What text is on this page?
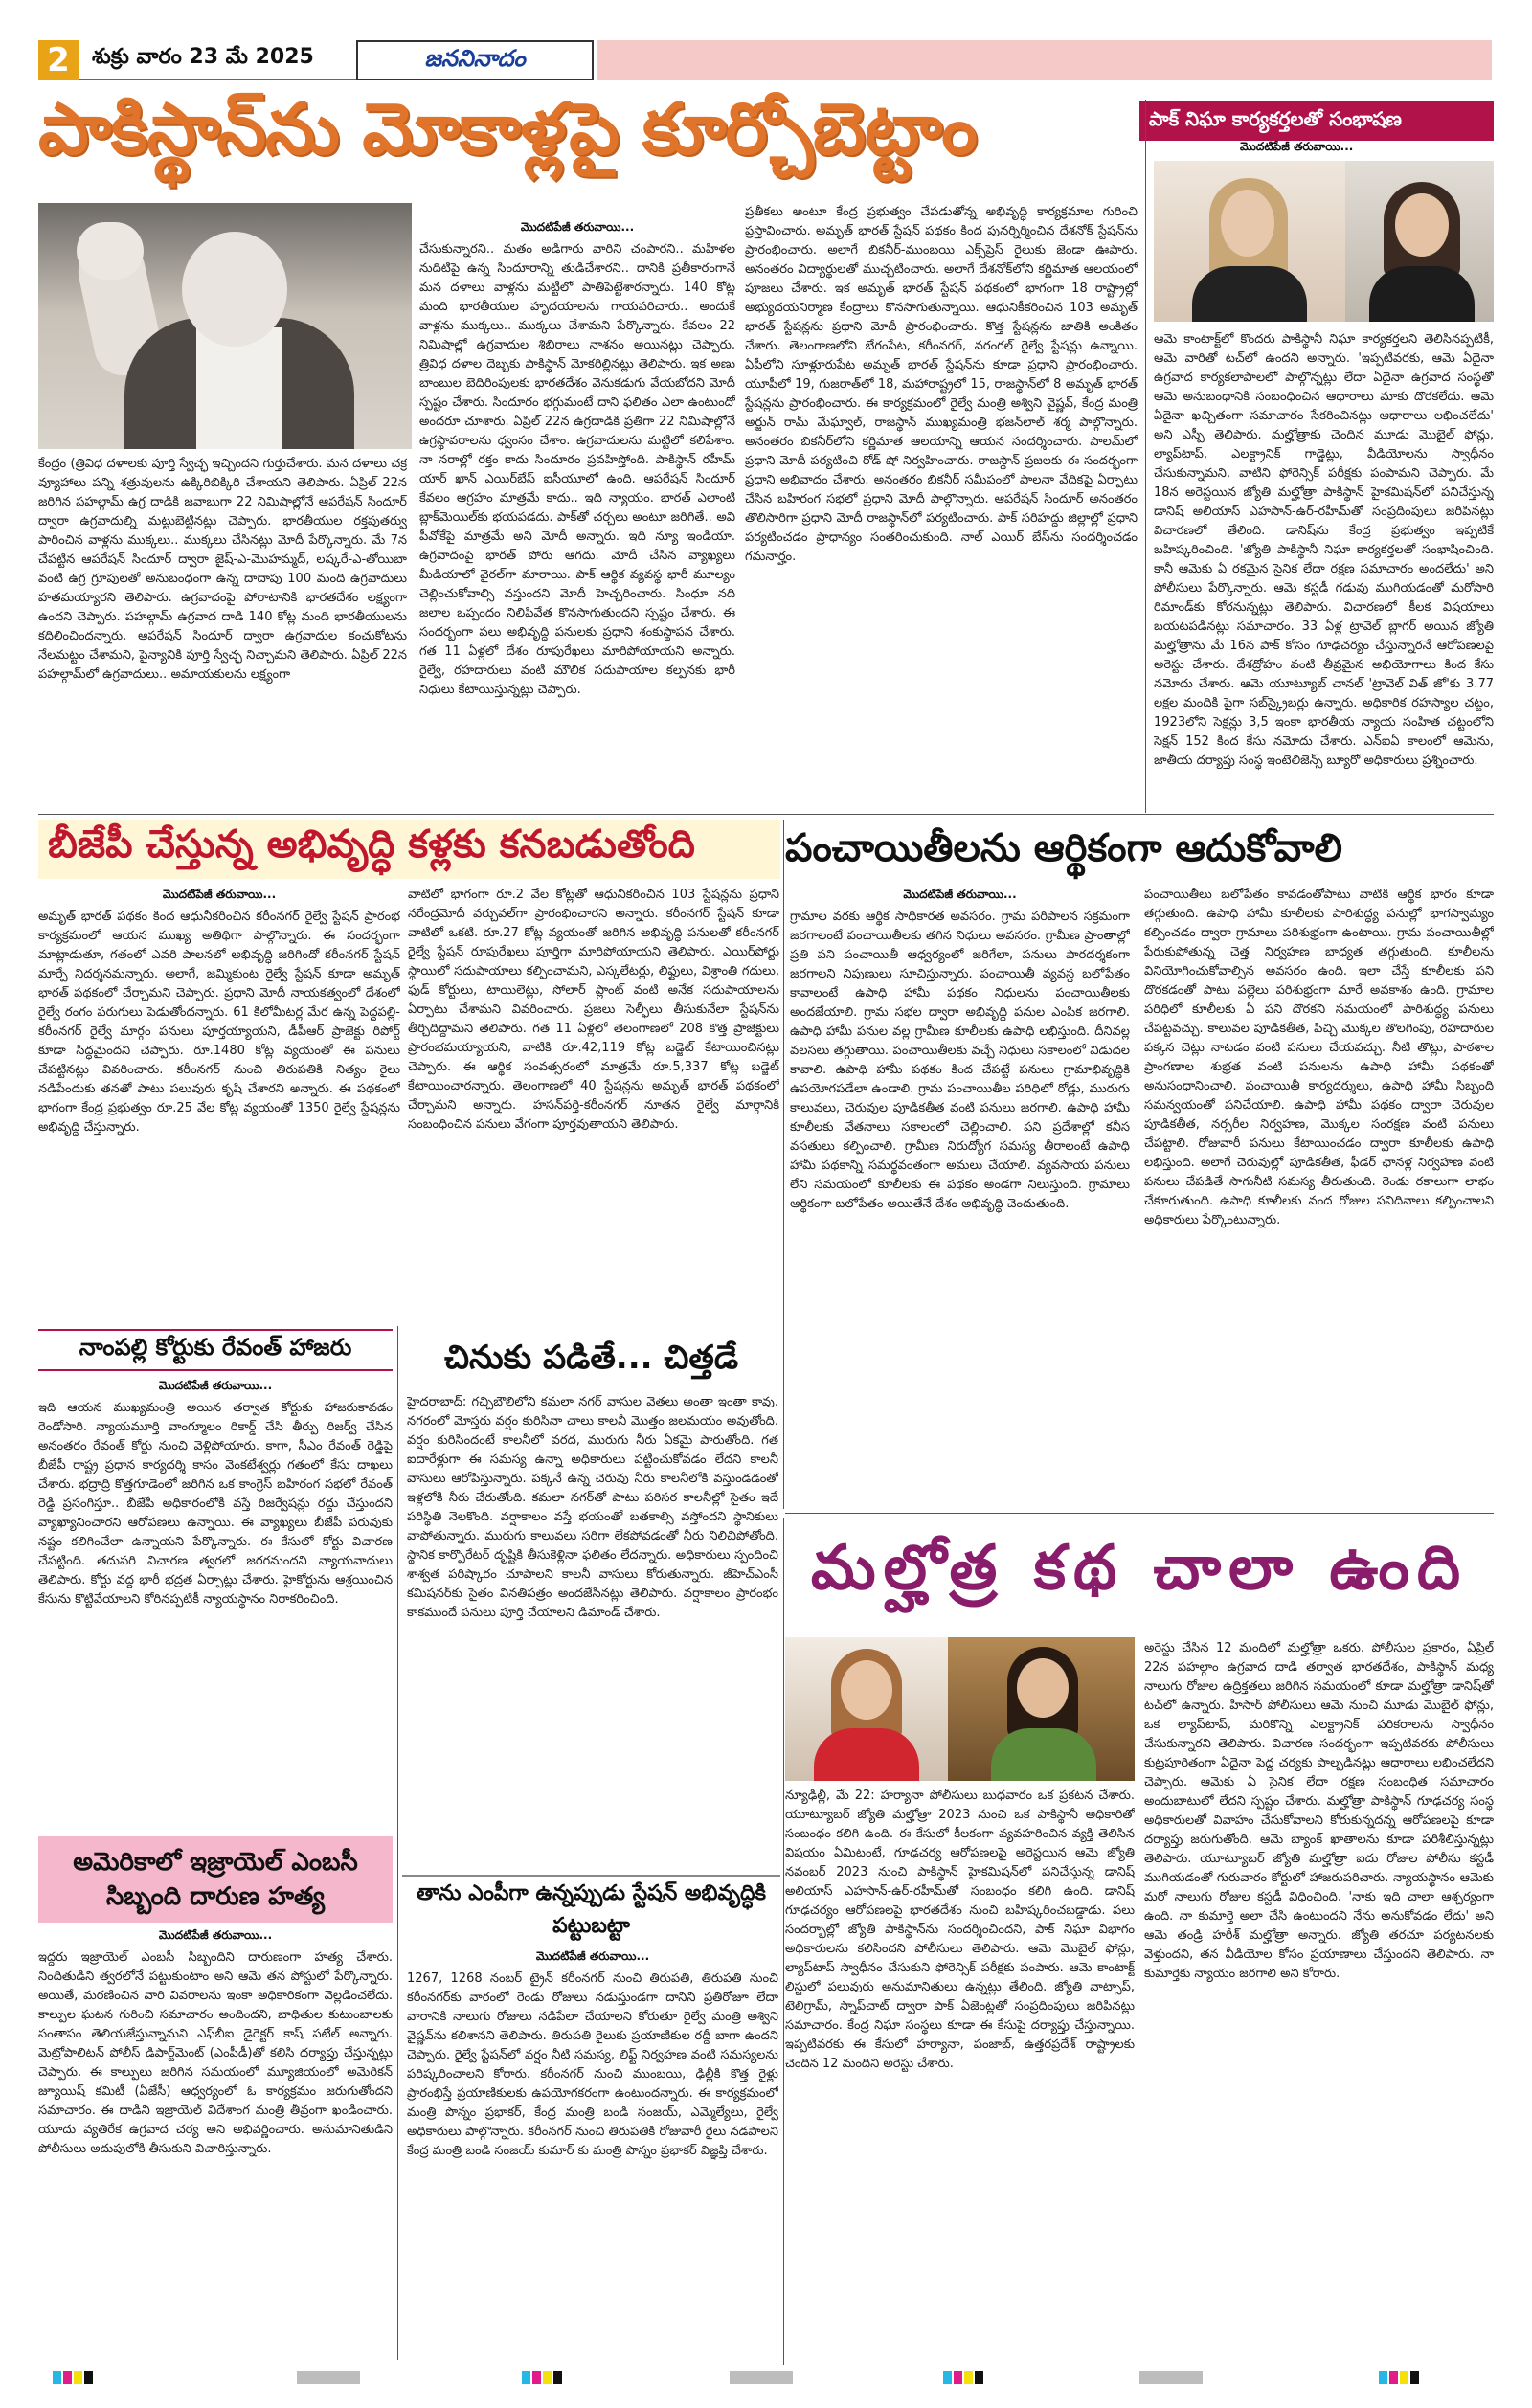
2	శుక్రు వారం 23 మే 2025	జననినాదం
పాకిస్థాన్‌ను మోకాళ్లపై కూర్చోబెట్టాం	పాక్ నిఘా కార్యకర్తలతో సంభాషణ
మొదటిపేజీ తరువాయి...

ఆమె కాంటాక్ట్‌లో కొందరు పాకిస్థానీ నిఘా కార్యకర్తలని తెలిసినప్పటికీ, ఆమె వారితో టచ్‌లో ఉందని అన్నారు. 'ఇప్పటివరకు, ఆమె ఏదైనా ఉగ్రవాద కార్యకలాపాలలో పాల్గొన్నట్లు లేదా ఏదైనా ఉగ్రవాద సంస్థతో ఆమె అనుబంధానికి సంబంధించిన ఆధారాలు మాకు దొరకలేదు. ఆమె ఏదైనా ఖచ్చితంగా సమాచారం సేకరించినట్లు ఆధారాలు లభించలేదు' అని ఎస్పీ తెలిపారు. మల్హోత్రాకు చెందిన మూడు మొబైల్ ఫోన్లు, ల్యాప్‌టాప్, ఎలక్ట్రానిక్ గాడ్జెట్లు, వీడియోలను స్వాధీనం చేసుకున్నామని, వాటిని ఫోరెన్సిక్ పరీక్షకు పంపామని చెప్పారు. మే 18న అరెస్టయిన జ్యోతి మల్హోత్రా పాకిస్థాన్ హైకమిషన్‌లో పనిచేస్తున్న డానిష్ అలియాస్ ఎహసాన్-ఉర్-రహీమ్‌తో సంప్రదింపులు జరిపినట్లు విచారణలో తేలింది. డానిష్‌ను కేంద్ర ప్రభుత్వం ఇప్పటికే బహిష్కరించింది. 'జ్యోతి పాకిస్థానీ నిఘా కార్యకర్తలతో సంభాషించింది. కానీ ఆమెకు ఏ రకమైన సైనిక లేదా రక్షణ సమాచారం అందలేదు' అని పోలీసులు పేర్కొన్నారు. ఆమె కస్టడీ గడువు ముగియడంతో మరోసారి రిమాండ్‌కు కోరనున్నట్లు తెలిపారు. విచారణలో కీలక విషయాలు బయటపడినట్లు సమాచారం. 33 ఏళ్ల ట్రావెల్ బ్లాగర్ అయిన జ్యోతి మల్హోత్రాను మే 16న పాక్ కోసం గూఢచర్యం చేస్తున్నారనే ఆరోపణలపై అరెస్టు చేశారు. దేశద్రోహం వంటి తీవ్రమైన అభియోగాలు కింద కేసు నమోదు చేశారు. ఆమె యూట్యూబ్ చానల్ 'ట్రావెల్ విత్ జో'కు 3.77 లక్షల మందికి పైగా సబ్‌స్క్రైబర్లు ఉన్నారు. అధికారిక రహస్యాల చట్టం, 1923లోని సెక్షన్లు 3,5 ఇంకా భారతీయ న్యాయ సంహిత చట్టంలోని సెక్షన్ 152 కింద కేసు నమోదు చేశారు. ఎన్‌ఐఏ కాలంలో ఆమెను, జాతీయ దర్యాప్తు సంస్థ ఇంటెలిజెన్స్ బ్యూరో అధికారులు ప్రశ్నించారు.

కేంద్రం (త్రివిధ దళాలకు పూర్తి స్వేచ్ఛ ఇచ్చిందని గుర్తుచేశారు. మన దళాలు చక్ర వ్యూహాలు పన్ని శత్రువులను ఉక్కిరిబిక్కిరి చేశాయని తెలిపారు. ఏప్రిల్ 22న జరిగిన పహల్గామ్ ఉగ్ర దాడికి జవాబుగా 22 నిమిషాల్లోనే ఆపరేషన్ సిందూర్ ద్వారా ఉగ్రవాదుల్ని మట్టుబెట్టినట్లు చెప్పారు. భారతీయుల రక్తపుతర్వు పారించిన వాళ్లను ముక్కలు.. ముక్కలు చేసినట్లు మోదీ పేర్కొన్నారు. మే 7న చేపట్టిన ఆపరేషన్ సిందూర్ ద్వారా జైష్-ఎ-మొహమ్మద్, లష్కరే-ఎ-తోయిబా వంటి ఉగ్ర గ్రూపులతో అనుబంధంగా ఉన్న దాదాపు 100 మంది ఉగ్రవాదులు హతమయ్యారని తెలిపారు. ఉగ్రవాదంపై పోరాటానికి భారతదేశం లక్ష్యంగా ఉందని చెప్పారు. పహల్గామ్ ఉగ్రవాద దాడి 140 కోట్ల మంది భారతీయులను కదిలించిందన్నారు. ఆపరేషన్ సిందూర్ ద్వారా ఉగ్రవాదుల కంచుకోటను నేలమట్టం చేశామని, పైన్యానికి పూర్తి స్వేచ్ఛ నిచ్చామని తెలిపారు. ఏప్రిల్ 22న పహల్గామ్‌లో ఉగ్రవాదులు.. అమాయకులను లక్ష్యంగా

మొదటిపేజీ తరువాయి...

చేసుకున్నారని.. మతం అడిగారు వారిని చంపారని.. మహిళల నుదిటిపై ఉన్న సిందూరాన్ని తుడిచేశారని.. దానికి ప్రతీకారంగానే మన దళాలు వాళ్లను మట్టిలో పాతిపెట్టేశారన్నారు. 140 కోట్ల మంది భారతీయుల హృదయాలను గాయపరిచారు.. అందుకే వాళ్లను ముక్కలు.. ముక్కలు చేశామని పేర్కొన్నారు. కేవలం 22 నిమిషాల్లో ఉగ్రవాదుల శిబిరాలు నాశనం అయినట్లు చెప్పారు. త్రివిధ దళాల దెబ్బకు పాకిస్థాన్ మోకరిల్లినట్లు తెలిపారు. ఇక అణు బాంబుల బెదిరింపులకు భారతదేశం వెనుకడుగు వేయబోదని మోదీ స్పష్టం చేశారు. సిందూరం భగ్గుమంటే దాని ఫలితం ఎలా ఉంటుందో అందరూ చూశారు. ఏప్రిల్ 22న ఉగ్రదాడికి ప్రతిగా 22 నిమిషాల్లోనే ఉగ్రస్థావరాలను ధ్వంసం చేశాం. ఉగ్రవాదులను మట్టిలో కలిపేశాం. నా నరాల్లో రక్తం కాదు సిందూరం ప్రవహిస్తోంది. పాకిస్థాన్ రహీమ్ యార్ ఖాన్ ఎయిర్‌బేస్ ఐసీయూలో ఉంది. ఆపరేషన్ సిందూర్ కేవలం ఆగ్రహం మాత్రమే కాదు.. ఇది న్యాయం. భారత్ ఎలాంటి బ్లాక్‌మెయిల్‌కు భయపడదు. పాక్‌తో చర్చలు అంటూ జరిగితే.. అవి పీవోకేపై మాత్రమే అని మోదీ అన్నారు. ఇది న్యూ ఇండియా. ఉగ్రవాదంపై భారత్ పోరు ఆగదు. మోదీ చేసిన వ్యాఖ్యలు మీడియాలో వైరల్‌గా మారాయి. పాక్ ఆర్థిక వ్యవస్థ భారీ మూల్యం చెల్లించుకోవాల్సి వస్తుందని మోదీ హెచ్చరించారు. సింధూ నది జలాల ఒప్పందం నిలిపివేత కొనసాగుతుందని స్పష్టం చేశారు. ఈ సందర్భంగా పలు అభివృద్ధి పనులకు ప్రధాని శంకుస్థాపన చేశారు. గత 11 ఏళ్లలో దేశం రూపురేఖలు మారిపోయాయని అన్నారు. రైల్వే, రహదారులు వంటి మౌలిక సదుపాయాల కల్పనకు భారీ నిధులు కేటాయిస్తున్నట్లు చెప్పారు.

ప్రతీకలు అంటూ కేంద్ర ప్రభుత్వం చేపడుతోన్న అభివృద్ధి కార్యక్రమాల గురించి ప్రస్తావించారు. అమృత్ భారత్ స్టేషన్ పథకం కింద పునర్నిర్మించిన దేశనోక్ స్టేషన్‌ను ప్రారంభించారు. అలాగే బికనీర్-ముంబయి ఎక్స్‌ప్రెస్ రైలుకు జెండా ఊపారు. అనంతరం విద్యార్థులతో ముచ్చటించారు. అలాగే దేశనోక్‌లోని కర్ణిమాత ఆలయంలో పూజలు చేశారు. ఇక అమృత్ భారత్ స్టేషన్ పథకంలో భాగంగా 18 రాష్ట్రాల్లో అభ్యుదయనిర్మాణ కేంద్రాలు కొనసాగుతున్నాయి. ఆధునికీకరించిన 103 అమృత్ భారత్ స్టేషన్లను ప్రధాని మోదీ ప్రారంభించారు. కొత్త స్టేషన్లను జాతికి అంకితం చేశారు. తెలంగాణలోని బేగంపేట, కరీంనగర్, వరంగల్ రైల్వే స్టేషన్లు ఉన్నాయి. ఏపీలోని సూళ్లూరుపేట అమృత్ భారత్ స్టేషన్‌ను కూడా ప్రధాని ప్రారంభించారు. యూపీలో 19, గుజరాత్‌లో 18, మహారాష్ట్రలో 15, రాజస్థాన్‌లో 8 అమృత్ భారత్ స్టేషన్లను ప్రారంభించారు. ఈ కార్యక్రమంలో రైల్వే మంత్రి అశ్విని వైష్ణవ్, కేంద్ర మంత్రి అర్జున్ రామ్ మేఘ్వాల్, రాజస్థాన్ ముఖ్యమంత్రి భజన్‌లాల్ శర్మ పాల్గొన్నారు. అనంతరం బికనీర్‌లోని కర్ణిమాత ఆలయాన్ని ఆయన సందర్శించారు. పాలమ్‌లో ప్రధాని మోదీ పర్యటించి రోడ్ షో నిర్వహించారు. రాజస్థాన్ ప్రజలకు ఈ సందర్భంగా ప్రధాని అభివాదం చేశారు. అనంతరం బికనీర్ సమీపంలో పాలనా వేదికపై ఏర్పాటు చేసిన బహిరంగ సభలో ప్రధాని మోదీ పాల్గొన్నారు. ఆపరేషన్ సిందూర్ అనంతరం తొలిసారిగా ప్రధాని మోదీ రాజస్థాన్‌లో పర్యటించారు. పాక్ సరిహద్దు జిల్లాల్లో ప్రధాని పర్యటించడం ప్రాధాన్యం సంతరించుకుంది. నాల్ ఎయిర్ బేస్‌ను సందర్శించడం గమనార్హం.

బీజేపీ చేస్తున్న అభివృద్ధి కళ్లకు కనబడుతోంది
మొదటిపేజీ తరువాయి...

అమృత్ భారత్ పథకం కింద ఆధునీకరించిన కరీంనగర్ రైల్వే స్టేషన్ ప్రారంభ కార్యక్రమంలో ఆయన ముఖ్య అతిథిగా పాల్గొన్నారు. ఈ సందర్భంగా మాట్లాడుతూ, గతంలో ఎవరి పాలనలో అభివృద్ధి జరిగిందో కరీంనగర్ స్టేషన్ మార్పే నిదర్శనమన్నారు. అలాగే, జమ్మికుంట రైల్వే స్టేషన్ కూడా అమృత్ భారత్ పథకంలో చేర్చామని చెప్పారు. ప్రధాని మోదీ నాయకత్వంలో దేశంలో రైల్వే రంగం పరుగులు పెడుతోందన్నారు. 61 కిలోమీటర్ల మేర ఉన్న పెద్దపల్లి-కరీంనగర్ రైల్వే మార్గం పనులు పూర్తయ్యాయని, డీపీఆర్ ప్రాజెక్టు రిపోర్ట్ కూడా సిద్ధమైందని చెప్పారు. రూ.1480 కోట్ల వ్యయంతో ఈ పనులు చేపట్టినట్లు వివరించారు. కరీంనగర్ నుంచి తిరుపతికి నిత్యం రైలు నడిపేందుకు తనతో పాటు పలువురు కృషి చేశారని అన్నారు. ఈ పథకంలో భాగంగా కేంద్ర ప్రభుత్వం రూ.25 వేల కోట్ల వ్యయంతో 1350 రైల్వే స్టేషన్లను అభివృద్ధి చేస్తున్నారు.

వాటిలో భాగంగా రూ.2 వేల కోట్లతో ఆధునికరించిన 103 స్టేషన్లను ప్రధాని నరేంద్రమోదీ వర్చువల్‌గా ప్రారంభించారని అన్నారు. కరీంనగర్ స్టేషన్ కూడా వాటిలో ఒకటి. రూ.27 కోట్ల వ్యయంతో జరిగిన అభివృద్ధి పనులతో కరీంనగర్ రైల్వే స్టేషన్ రూపురేఖలు పూర్తిగా మారిపోయాయని తెలిపారు. ఎయిర్‌పోర్టు స్థాయిలో సదుపాయాలు కల్పించామని, ఎస్కలేటర్లు, లిఫ్టులు, విశ్రాంతి గదులు, ఫుడ్ కోర్టులు, టాయిలెట్లు, సోలార్ ప్లాంట్ వంటి అనేక సదుపాయాలను ఏర్పాటు చేశామని వివరించారు. ప్రజలు సెల్ఫీలు తీసుకునేలా స్టేషన్‌ను తీర్చిదిద్దామని తెలిపారు. గత 11 ఏళ్లలో తెలంగాణలో 208 కొత్త ప్రాజెక్టులు ప్రారంభమయ్యాయని, వాటికి రూ.42,119 కోట్ల బడ్జెట్ కేటాయించినట్లు చెప్పారు. ఈ ఆర్థిక సంవత్సరంలో మాత్రమే రూ.5,337 కోట్ల బడ్జెట్ కేటాయించారన్నారు. తెలంగాణలో 40 స్టేషన్లను అమృత్ భారత్ పథకంలో చేర్చామని అన్నారు. హసన్‌పర్తి-కరీంనగర్ నూతన రైల్వే మార్గానికి సంబంధించిన పనులు వేగంగా పూర్తవుతాయని తెలిపారు.

పంచాయితీలను ఆర్థికంగా ఆదుకోవాలి
మొదటిపేజీ తరువాయి...

గ్రామాల వరకు ఆర్థిక సాధికారత అవసరం. గ్రామ పరిపాలన సక్రమంగా జరగాలంటే పంచాయితీలకు తగిన నిధులు అవసరం. గ్రామీణ ప్రాంతాల్లో ప్రతి పని పంచాయితీ ఆధ్వర్యంలో జరిగేలా, పనులు పారదర్శకంగా జరగాలని నిపుణులు సూచిస్తున్నారు. పంచాయితీ వ్యవస్థ బలోపేతం కావాలంటే ఉపాధి హామీ పథకం నిధులను పంచాయితీలకు అందజేయాలి. గ్రామ సభల ద్వారా అభివృద్ధి పనుల ఎంపిక జరగాలి. ఉపాధి హామీ పనుల వల్ల గ్రామీణ కూలీలకు ఉపాధి లభిస్తుంది. దీనివల్ల వలసలు తగ్గుతాయి. పంచాయితీలకు వచ్చే నిధులు సకాలంలో విడుదల కావాలి. ఉపాధి హామీ పథకం కింద చేపట్టే పనులు గ్రామాభివృద్ధికి ఉపయోగపడేలా ఉండాలి. గ్రామ పంచాయితీల పరిధిలో రోడ్లు, మురుగు కాలువలు, చెరువుల పూడికతీత వంటి పనులు జరగాలి. ఉపాధి హామీ కూలీలకు వేతనాలు సకాలంలో చెల్లించాలి. పని ప్రదేశాల్లో కనీస వసతులు కల్పించాలి. గ్రామీణ నిరుద్యోగ సమస్య తీరాలంటే ఉపాధి హామీ పథకాన్ని సమర్థవంతంగా అమలు చేయాలి. వ్యవసాయ పనులు లేని సమయంలో కూలీలకు ఈ పథకం అండగా నిలుస్తుంది. గ్రామాలు ఆర్థికంగా బలోపేతం అయితేనే దేశం అభివృద్ధి చెందుతుంది.

పంచాయితీలు బలోపేతం కావడంతోపాటు వాటికి ఆర్థిక భారం కూడా తగ్గుతుంది. ఉపాధి హామీ కూలీలకు పారిశుద్ధ్య పనుల్లో భాగస్వామ్యం కల్పించడం ద్వారా గ్రామాలు పరిశుభ్రంగా ఉంటాయి. గ్రామ పంచాయితీల్లో పేరుకుపోతున్న చెత్త నిర్వహణ బాధ్యత తగ్గుతుంది. కూలీలను వినియోగించుకోవాల్సిన అవసరం ఉంది. ఇలా చేస్తే కూలీలకు పని దొరకడంతో పాటు పల్లెలు పరిశుభ్రంగా మారే అవకాశం ఉంది. గ్రామాల పరిధిలో కూలీలకు ఏ పని దొరకని సమయంలో పారిశుద్ధ్య పనులు చేపట్టవచ్చు. కాలువల పూడికతీత, పిచ్చి మొక్కల తొలగింపు, రహదారుల పక్కన చెట్లు నాటడం వంటి పనులు చేయవచ్చు. నీటి తొట్లు, పాఠశాల ప్రాంగణాల శుభ్రత వంటి పనులను ఉపాధి హామీ పథకంతో అనుసంధానించాలి. పంచాయితీ కార్యదర్శులు, ఉపాధి హామీ సిబ్బంది సమన్వయంతో పనిచేయాలి. ఉపాధి హామీ పథకం ద్వారా చెరువుల పూడికతీత, నర్సరీల నిర్వహణ, మొక్కల సంరక్షణ వంటి పనులు చేపట్టాలి. రోజువారీ పనులు కేటాయించడం ద్వారా కూలీలకు ఉపాధి లభిస్తుంది. అలాగే చెరువుల్లో పూడికతీత, ఫీడర్ ఛానళ్ల నిర్వహణ వంటి పనులు చేపడితే సాగునీటి సమస్య తీరుతుంది. రెండు రకాలుగా లాభం చేకూరుతుంది. ఉపాధి కూలీలకు వంద రోజుల పనిదినాలు కల్పించాలని అధికారులు పేర్కొంటున్నారు.

నాంపల్లి కోర్టుకు రేవంత్ హాజరు
మొదటిపేజీ తరువాయి...

ఇది ఆయన ముఖ్యమంత్రి అయిన తర్వాత కోర్టుకు హాజరుకావడం రెండోసారి. న్యాయమూర్తి వాంగ్మూలం రికార్డ్ చేసి తీర్పు రిజర్వ్ చేసిన అనంతరం రేవంత్ కోర్టు నుంచి వెళ్లిపోయారు. కాగా, సీఎం రేవంత్ రెడ్డిపై బీజేపీ రాష్ట్ర ప్రధాన కార్యదర్శి కాసం వెంకటేశ్వర్లు గతంలో కేసు దాఖలు చేశారు. భద్రాద్రి కొత్తగూడెంలో జరిగిన ఒక కాంగ్రెస్ బహిరంగ సభలో రేవంత్ రెడ్డి ప్రసంగిస్తూ.. బీజేపీ అధికారంలోకి వస్తే రిజర్వేషన్లు రద్దు చేస్తుందని వ్యాఖ్యానించారని ఆరోపణలు ఉన్నాయి. ఈ వ్యాఖ్యలు బీజేపీ పరువుకు నష్టం కలిగించేలా ఉన్నాయని పేర్కొన్నారు. ఈ కేసులో కోర్టు విచారణ చేపట్టింది. తదుపరి విచారణ త్వరలో జరగనుందని న్యాయవాదులు తెలిపారు. కోర్టు వద్ద భారీ భద్రత ఏర్పాట్లు చేశారు. హైకోర్టును ఆశ్రయించిన కేసును కొట్టివేయాలని కోరినప్పటికీ న్యాయస్థానం నిరాకరించింది.

చినుకు పడితే... చిత్తడే

హైదరాబాద్: గచ్చిబౌలిలోని కమలా నగర్ వాసుల వెతలు అంతా ఇంతా కావు. నగరంలో మోస్తరు వర్షం కురిసినా చాలు కాలనీ మొత్తం జలమయం అవుతోంది. వర్షం కురిసిందంటే కాలనీలో వరద, మురుగు నీరు ఏకమై పారుతోంది. గత ఐదారేళ్లుగా ఈ సమస్య ఉన్నా అధికారులు పట్టించుకోవడం లేదని కాలనీ వాసులు ఆరోపిస్తున్నారు. పక్కనే ఉన్న చెరువు నీరు కాలనీలోకి వస్తుండడంతో ఇళ్లలోకి నీరు చేరుతోంది. కమలా నగర్‌తో పాటు పరిసర కాలనీల్లో సైతం ఇదే పరిస్థితి నెలకొంది. వర్షాకాలం వస్తే భయంతో బతకాల్సి వస్తోందని స్థానికులు వాపోతున్నారు. మురుగు కాలువలు సరిగా లేకపోవడంతో నీరు నిలిచిపోతోంది. స్థానిక కార్పొరేటర్ దృష్టికి తీసుకెళ్లినా ఫలితం లేదన్నారు. అధికారులు స్పందించి శాశ్వత పరిష్కారం చూపాలని కాలనీ వాసులు కోరుతున్నారు. జీహెచ్ఎంసీ కమిషనర్‌కు సైతం వినతిపత్రం అందజేసినట్లు తెలిపారు. వర్షాకాలం ప్రారంభం కాకముందే పనులు పూర్తి చేయాలని డిమాండ్ చేశారు.

అమెరికాలో ఇజ్రాయెల్ ఎంబసీ సిబ్బంది దారుణ హత్య
మొదటిపేజీ తరువాయి...

ఇద్దరు ఇజ్రాయెల్ ఎంబసీ సిబ్బందిని దారుణంగా హత్య చేశారు. నిందితుడిని త్వరలోనే పట్టుకుంటాం అని ఆమె తన పోస్టులో పేర్కొన్నారు. అయితే, మరణించిన వారి వివరాలను ఇంకా అధికారికంగా వెల్లడించలేదు. కాల్పుల ఘటన గురించి సమాచారం అందిందని, బాధితుల కుటుంబాలకు సంతాపం తెలియజేస్తున్నామని ఎఫ్‌బీఐ డైరెక్టర్ కాష్ పటేల్ అన్నారు. మెట్రోపాలిటన్ పోలీస్ డిపార్ట్‌మెంట్ (ఎంపీడీ)తో కలిసి దర్యాప్తు చేస్తున్నట్లు చెప్పారు. ఈ కాల్పులు జరిగిన సమయంలో మ్యూజియంలో అమెరికన్ జ్యూయిష్ కమిటీ (ఏజేసీ) ఆధ్వర్యంలో ఓ కార్యక్రమం జరుగుతోందని సమాచారం. ఈ దాడిని ఇజ్రాయెల్ విదేశాంగ మంత్రి తీవ్రంగా ఖండించారు. యూదు వ్యతిరేక ఉగ్రవాద చర్య అని అభివర్ణించారు. అనుమానితుడిని పోలీసులు అదుపులోకి తీసుకుని విచారిస్తున్నారు.

తాను ఎంపీగా ఉన్నప్పుడు స్టేషన్ అభివృద్ధికి పట్టుబట్టా
మొదటిపేజీ తరువాయి...

1267, 1268 నంబర్ ట్రైన్ కరీంనగర్ నుంచి తిరుపతి, తిరుపతి నుంచి కరీంనగర్‌కు వారంలో రెండు రోజులు నడుస్తుండగా దానిని ప్రతిరోజూ లేదా వారానికి నాలుగు రోజులు నడిపేలా చేయాలని కోరుతూ రైల్వే మంత్రి అశ్విని వైష్ణవ్‌ను కలిశానని తెలిపారు. తిరుపతి రైలుకు ప్రయాణికుల రద్దీ బాగా ఉందని చెప్పారు. రైల్వే స్టేషన్‌లో వర్షం నీటి సమస్య, లిఫ్ట్ నిర్వహణ వంటి సమస్యలను పరిష్కరించాలని కోరారు. కరీంనగర్ నుంచి ముంబయి, ఢిల్లీకి కొత్త రైళ్లు ప్రారంభిస్తే ప్రయాణికులకు ఉపయోగకరంగా ఉంటుందన్నారు. ఈ కార్యక్రమంలో మంత్రి పొన్నం ప్రభాకర్, కేంద్ర మంత్రి బండి సంజయ్, ఎమ్మెల్యేలు, రైల్వే అధికారులు పాల్గొన్నారు. కరీంనగర్ నుంచి తిరుపతికి రోజువారీ రైలు నడపాలని కేంద్ర మంత్రి బండి సంజయ్ కుమార్ కు మంత్రి పొన్నం ప్రభాకర్ విజ్ఞప్తి చేశారు.

మల్హోత్ర కథ చాలా ఉంది

న్యూఢిల్లీ, మే 22: హర్యానా పోలీసులు బుధవారం ఒక ప్రకటన చేశారు. యూట్యూబర్ జ్యోతి మల్హోత్రా 2023 నుంచి ఒక పాకిస్థానీ అధికారితో సంబంధం కలిగి ఉంది. ఈ కేసులో కీలకంగా వ్యవహరించిన వ్యక్తి తెలిసిన విషయం ఏమిటంటే, గూఢచర్య ఆరోపణలపై అరెస్టయిన ఆమె జ్యోతి నవంబర్ 2023 నుంచి పాకిస్థాన్ హైకమిషన్‌లో పనిచేస్తున్న డానిష్ అలియాస్ ఎహసాన్-ఉర్-రహీమ్‌తో సంబంధం కలిగి ఉంది. డానిష్ గూఢచర్యం ఆరోపణలపై భారతదేశం నుంచి బహిష్కరించబడ్డాడు. పలు సందర్భాల్లో జ్యోతి పాకిస్థాన్‌ను సందర్శించిందని, పాక్ నిఘా విభాగం అధికారులను కలిసిందని పోలీసులు తెలిపారు. ఆమె మొబైల్ ఫోన్లు, ల్యాప్‌టాప్ స్వాధీనం చేసుకుని ఫోరెన్సిక్ పరీక్షకు పంపారు. ఆమె కాంటాక్ట్ లిస్టులో పలువురు అనుమానితులు ఉన్నట్లు తేలింది. జ్యోతి వాట్సాప్, టెలిగ్రామ్, స్నాప్‌చాట్ ద్వారా పాక్ ఏజెంట్లతో సంప్రదింపులు జరిపినట్లు సమాచారం. కేంద్ర నిఘా సంస్థలు కూడా ఈ కేసుపై దర్యాప్తు చేస్తున్నాయి. ఇప్పటివరకు ఈ కేసులో హర్యానా, పంజాబ్, ఉత్తరప్రదేశ్ రాష్ట్రాలకు చెందిన 12 మందిని అరెస్టు చేశారు.

అరెస్టు చేసిన 12 మందిలో మల్హోత్రా ఒకరు. పోలీసుల ప్రకారం, ఏప్రిల్ 22న పహల్గాం ఉగ్రవాద దాడి తర్వాత భారతదేశం, పాకిస్థాన్ మధ్య నాలుగు రోజుల ఉద్రిక్తతలు జరిగిన సమయంలో కూడా మల్హోత్రా డానిష్‌తో టచ్‌లో ఉన్నారు. హిసార్ పోలీసులు ఆమె నుంచి మూడు మొబైల్ ఫోన్లు, ఒక ల్యాప్‌టాప్, మరికొన్ని ఎలక్ట్రానిక్ పరికరాలను స్వాధీనం చేసుకున్నారని తెలిపారు. విచారణ సందర్భంగా ఇప్పటివరకు పోలీసులు కుట్రపూరితంగా ఏదైనా పెద్ద చర్యకు పాల్పడినట్లు ఆధారాలు లభించలేదని చెప్పారు. ఆమెకు ఏ సైనిక లేదా రక్షణ సంబంధిత సమాచారం అందుబాటులో లేదని స్పష్టం చేశారు. మల్హోత్రా పాకిస్థాన్ గూఢచర్య సంస్థ అధికారులతో వివాహం చేసుకోవాలని కోరుకున్నదన్న ఆరోపణలపై కూడా దర్యాప్తు జరుగుతోంది. ఆమె బ్యాంక్ ఖాతాలను కూడా పరిశీలిస్తున్నట్లు తెలిపారు. యూట్యూబర్ జ్యోతి మల్హోత్రా ఐదు రోజుల పోలీసు కస్టడీ ముగియడంతో గురువారం కోర్టులో హాజరుపరిచారు. న్యాయస్థానం ఆమెకు మరో నాలుగు రోజుల కస్టడీ విధించింది. 'నాకు ఇది చాలా ఆశ్చర్యంగా ఉంది. నా కుమార్తె అలా చేసి ఉంటుందని నేను అనుకోవడం లేదు' అని ఆమె తండ్రి హరీశ్ మల్హోత్రా అన్నారు. జ్యోతి తరచూ పర్యటనలకు వెళ్తుందని, తన వీడియోల కోసం ప్రయాణాలు చేస్తుందని తెలిపారు. నా కుమార్తెకు న్యాయం జరగాలి అని కోరారు.
